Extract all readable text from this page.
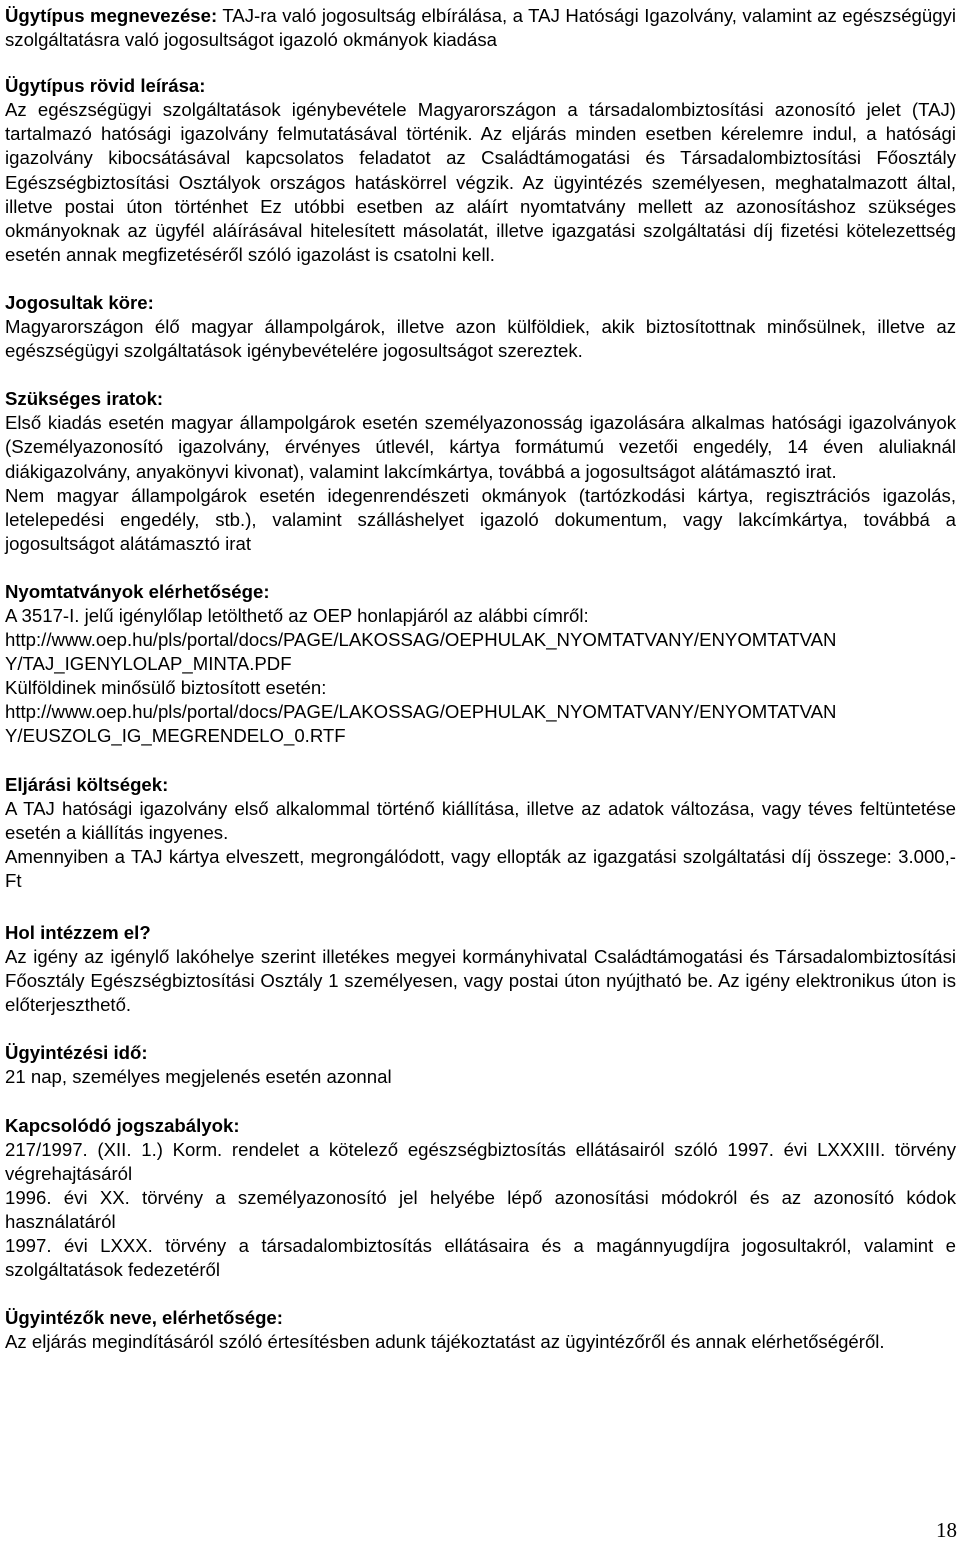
Ügytípus megnevezése: TAJ-ra való jogosultság elbírálása, a TAJ Hatósági Igazolvány, valamint az egészségügyi szolgáltatásra való jogosultságot igazoló okmányok kiadása

Ügytípus rövid leírása:

Az egészségügyi szolgáltatások igénybevétele Magyarországon a társadalombiztosítási azonosító jelet (TAJ) tartalmazó hatósági igazolvány felmutatásával történik. Az eljárás minden esetben kérelemre indul, a hatósági igazolvány kibocsátásával kapcsolatos feladatot az Családtámogatási és Társadalombiztosítási Főosztály Egészségbiztosítási Osztályok országos hatáskörrel végzik. Az ügyintézés személyesen, meghatalmazott által, illetve postai úton történhet Ez utóbbi esetben az aláírt nyomtatvány mellett az azonosításhoz szükséges okmányoknak az ügyfél aláírásával hitelesített másolatát, illetve igazgatási szolgáltatási díj fizetési kötelezettség esetén annak megfizetéséről szóló igazolást is csatolni kell.

Jogosultak köre:

Magyarországon élő magyar állampolgárok, illetve azon külföldiek, akik biztosítottnak minősülnek, illetve az egészségügyi szolgáltatások igénybevételére jogosultságot szereztek.

Szükséges iratok:

Első kiadás esetén magyar állampolgárok esetén személyazonosság igazolására alkalmas hatósági igazolványok (Személyazonosító igazolvány, érvényes útlevél, kártya formátumú vezetői engedély, 14 éven aluliaknál diákigazolvány, anyakönyvi kivonat), valamint lakcímkártya, továbbá a jogosultságot alátámasztó irat.

Nem magyar állampolgárok esetén idegenrendészeti okmányok (tartózkodási kártya, regisztrációs igazolás, letelepedési engedély, stb.), valamint szálláshelyet igazoló dokumentum, vagy lakcímkártya, továbbá a jogosultságot alátámasztó irat

Nyomtatványok elérhetősége:

A 3517-I. jelű igénylőlap letölthető az OEP honlapjáról az alábbi címről:

http://www.oep.hu/pls/portal/docs/PAGE/LAKOSSAG/OEPHULAK_NYOMTATVANY/ENYOMTATVAN

Y/TAJ_IGENYLOLAP_MINTA.PDF

Külföldinek minősülő biztosított esetén:

http://www.oep.hu/pls/portal/docs/PAGE/LAKOSSAG/OEPHULAK_NYOMTATVANY/ENYOMTATVAN

Y/EUSZOLG_IG_MEGRENDELO_0.RTF

Eljárási költségek:

A TAJ hatósági igazolvány első alkalommal történő kiállítása, illetve az adatok változása, vagy téves feltüntetése esetén a kiállítás ingyenes.

Amennyiben a TAJ kártya elveszett, megrongálódott, vagy ellopták az igazgatási szolgáltatási díj összege: 3.000,- Ft

Hol intézzem el?

Az igény az igénylő lakóhelye szerint illetékes megyei kormányhivatal Családtámogatási és Társadalombiztosítási Főosztály Egészségbiztosítási Osztály 1 személyesen, vagy postai úton nyújtható be. Az igény elektronikus úton is előterjeszthető.

Ügyintézési idő:

21 nap, személyes megjelenés esetén azonnal

Kapcsolódó jogszabályok:

217/1997. (XII. 1.) Korm. rendelet a kötelező egészségbiztosítás ellátásairól szóló 1997. évi LXXXIII. törvény végrehajtásáról

1996. évi XX. törvény a személyazonosító jel helyébe lépő azonosítási módokról és az azonosító kódok használatáról

1997. évi LXXX. törvény a társadalombiztosítás ellátásaira és a magánnyugdíjra jogosultakról, valamint e szolgáltatások fedezetéről

Ügyintézők neve, elérhetősége:

Az eljárás megindításáról szóló értesítésben adunk tájékoztatást az ügyintézőről és annak elérhetőségéről.

18
